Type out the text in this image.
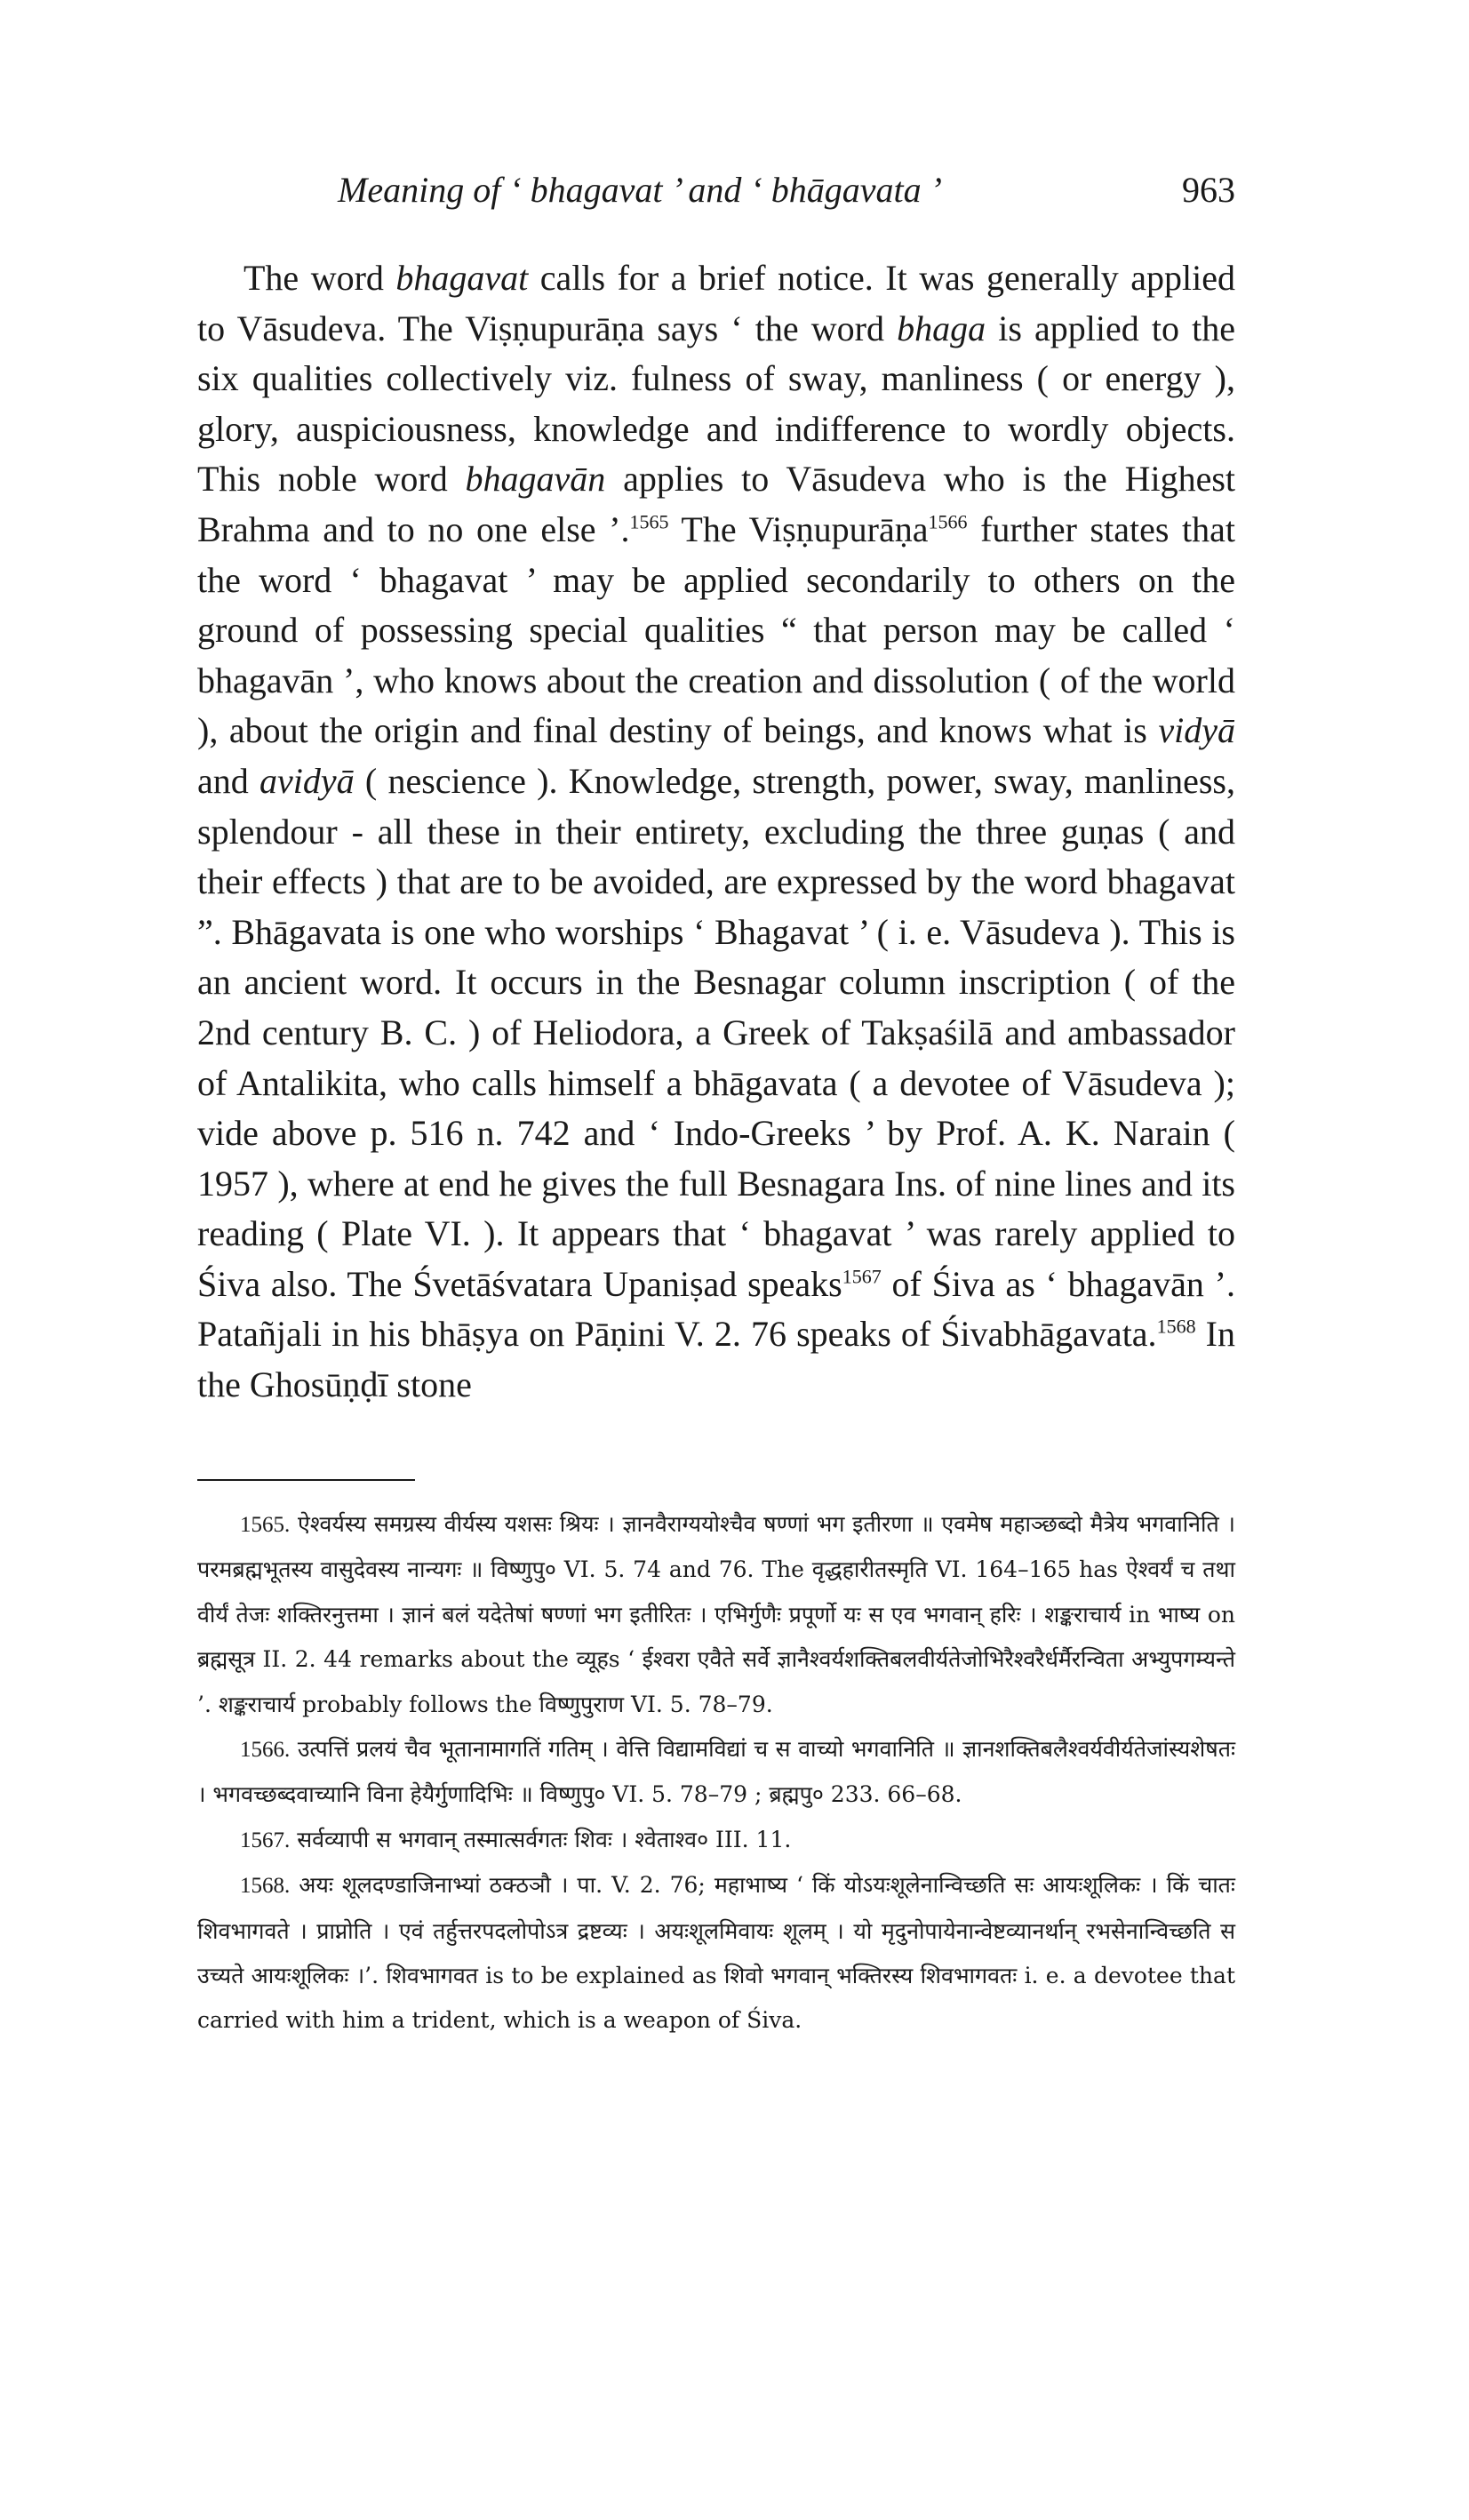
Meaning of ‘ bhagavat ’ and ‘ bhāgavata ’	963

The word bhagavat calls for a brief notice. It was generally applied to Vāsudeva. The Viṣṇupurāṇa says ‘ the word bhaga is applied to the six qualities collectively viz. fulness of sway, manliness ( or energy ), glory, auspiciousness, knowledge and indifference to wordly objects. This noble word bhagavān applies to Vāsudeva who is the Highest Brahma and to no one else ’.$^{1565}$ The Viṣṇupurāṇa$^{1566}$ further states that the word ‘ bhagavat ’ may be applied secondarily to others on the ground of possessing special qualities “ that person may be called ‘ bhagavān ’, who knows about the creation and dissolution ( of the world ), about the origin and final destiny of beings, and knows what is vidyā and avidyā ( nescience ). Knowledge, strength, power, sway, manliness, splendour - all these in their entirety, excluding the three guṇas ( and their effects ) that are to be avoided, are expressed by the word bhagavat ”. Bhāgavata is one who worships ‘ Bhagavat ’ ( i. e. Vāsudeva ). This is an ancient word. It occurs in the Besnagar column inscription ( of the 2nd century B. C. ) of Heliodora, a Greek of Takṣaśilā and ambassador of Antalikita, who calls himself a bhāgavata ( a devotee of Vāsudeva ); vide above p. 516 n. 742 and ‘ Indo-Greeks ’ by Prof. A. K. Narain ( 1957 ), where at end he gives the full Besnagara Ins. of nine lines and its reading ( Plate VI. ). It appears that ‘ bhagavat ’ was rarely applied to Śiva also. The Śvetāśvatara Upaniṣad speaks$^{1567}$ of Śiva as ‘ bhagavān ’. Patañjali in his bhāṣya on Pāṇini V. 2. 76 speaks of Śivabhāgavata.$^{1568}$ In the Ghosūṇḍī stone

1565. ऐश्वर्यस्य समग्रस्य वीर्यस्य यशसः श्रियः । ज्ञानवैराग्ययोश्चैव षण्णां भग इतीरणा ॥ एवमेष महाञ्छब्दो मैत्रेय भगवानिति । परमब्रह्मभूतस्य वासुदेवस्य नान्यगः ॥ विष्णुपु० VI. 5. 74 and 76. The वृद्धहारीतस्मृति VI. 164–165 has ऐश्वर्यं च तथा वीर्यं तेजः शक्तिरनुत्तमा । ज्ञानं बलं यदेतेषां षण्णां भग इतीरितः । एभिर्गुणैः प्रपूर्णो यः स एव भगवान् हरिः । शङ्कराचार्य in भाष्य on ब्रह्मसूत्र II. 2. 44 remarks about the व्यूहs ‘ ईश्वरा एवैते सर्वे ज्ञानैश्वर्यशक्तिबलवीर्यतेजोभिरैश्वरैर्धर्मैरन्विता अभ्युपगम्यन्ते ’. शङ्कराचार्य probably follows the विष्णुपुराण VI. 5. 78–79.

1566. उत्पत्तिं प्रलयं चैव भूतानामागतिं गतिम् । वेत्ति विद्यामविद्यां च स वाच्यो भगवानिति ॥ ज्ञानशक्तिबलैश्वर्यवीर्यतेजांस्यशेषतः । भगवच्छब्दवाच्यानि विना हेयैर्गुणादिभिः ॥ विष्णुपु० VI. 5. 78–79 ; ब्रह्मपु० 233. 66–68.

1567. सर्वव्यापी स भगवान् तस्मात्सर्वगतः शिवः । श्वेताश्व० III. 11.

1568. अयः शूलदण्डाजिनाभ्यां ठक्ठञौ । पा. V. 2. 76; महाभाष्य ‘ किं योऽयःशूलेनान्विच्छति सः आयःशूलिकः । किं चातः शिवभागवते । प्राप्नोति । एवं तर्हुत्तरपदलोपोऽत्र द्रष्टव्यः । अयःशूलमिवायः शूलम् । यो मृदुनोपायेनान्वेष्टव्यानर्थान् रभसेनान्विच्छति स उच्यते आयःशूलिकः ।’. शिवभागवत is to be explained as शिवो भगवान् भक्तिरस्य शिवभागवतः i. e. a devotee that carried with him a trident, which is a weapon of Śiva.
